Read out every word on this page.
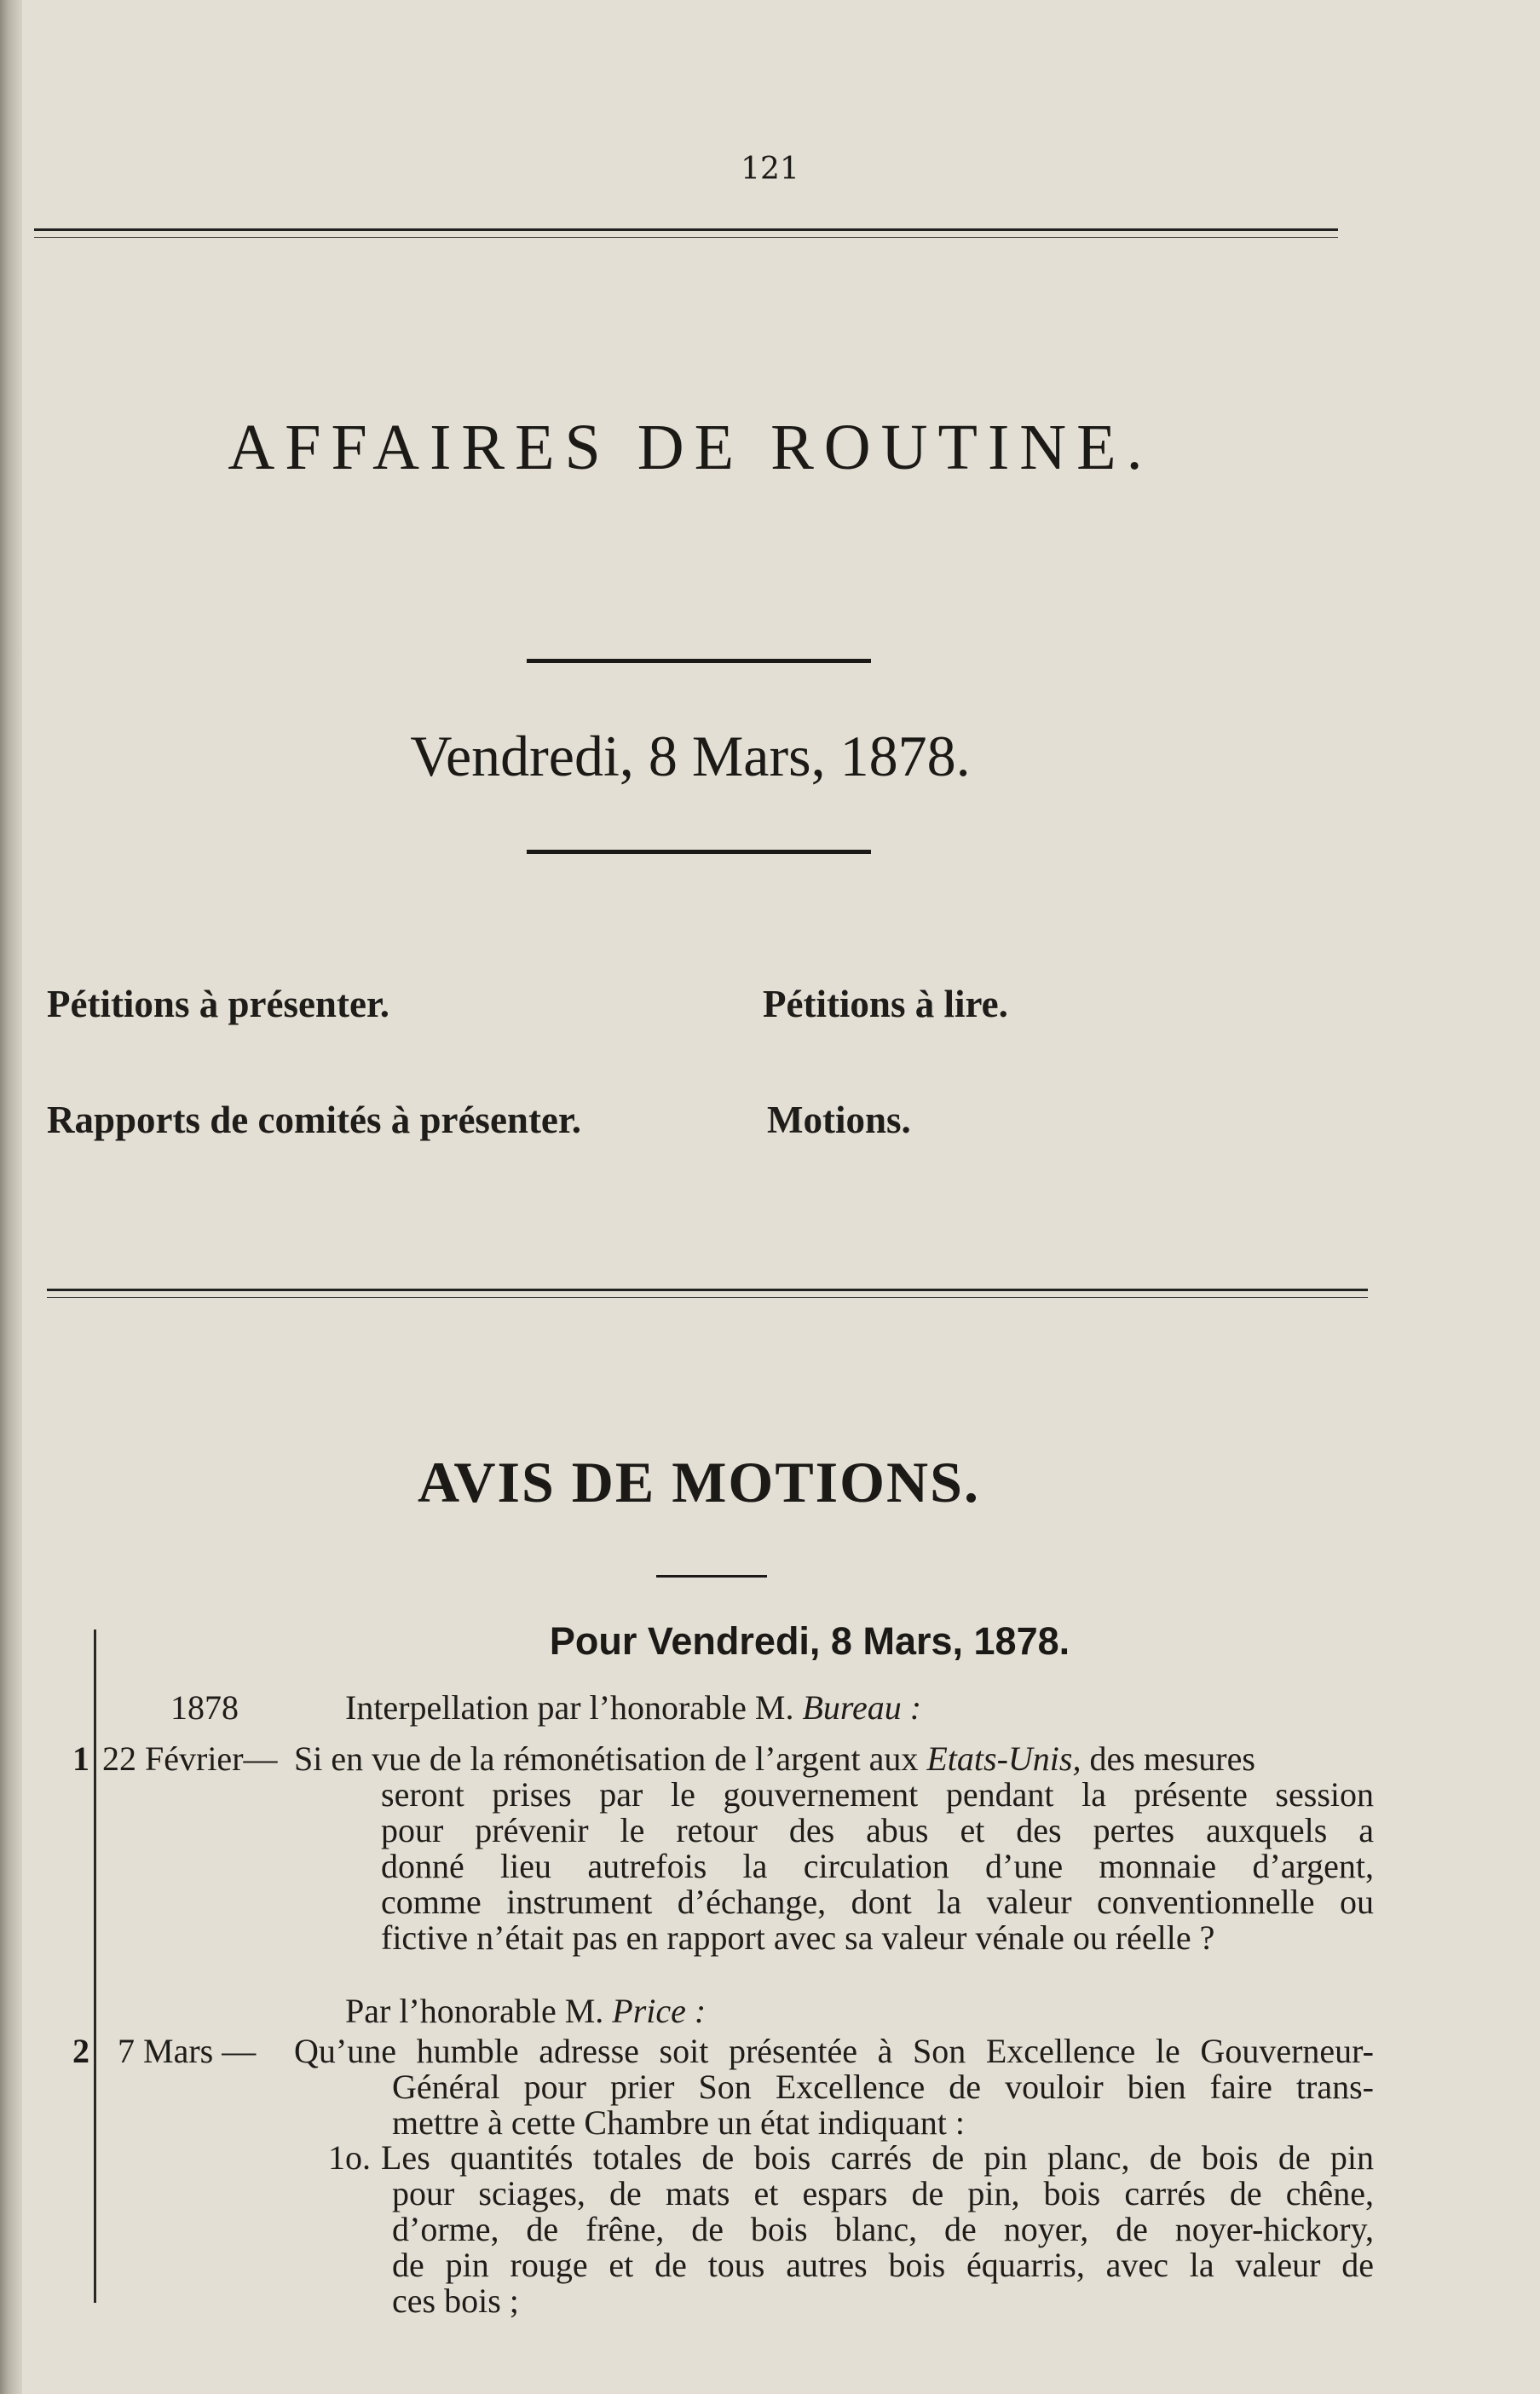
121
AFFAIRES DE ROUTINE.
Vendredi, 8 Mars, 1878.
Pétitions à présenter.	Pétitions à lire.
Rapports de comités à présenter.	Motions.
AVIS DE MOTIONS.
Pour Vendredi, 8 Mars, 1878.
1878	Interpellation par l’honorable M. Bureau :
1 22 Février— Si en vue de la rémonétisation de l’argent aux Etats-Unis, des mesures
seront prises par le gouvernement pendant la présente session
pour prévenir le retour des abus et des pertes auxquels a
donné lieu autrefois la circulation d’une monnaie d’argent,
comme instrument d’échange, dont la valeur conventionnelle ou
fictive n’était pas en rapport avec sa valeur vénale ou réelle ?
Par l’honorable M. Price :
2 7 Mars — Qu’une humble adresse soit présentée à Son Excellence le Gouverneur-
Général pour prier Son Excellence de vouloir bien faire trans-
mettre à cette Chambre un état indiquant :
1o. Les quantités totales de bois carrés de pin planc, de bois de pin
pour sciages, de mats et espars de pin, bois carrés de chêne,
d’orme, de frêne, de bois blanc, de noyer, de noyer-hickory,
de pin rouge et de tous autres bois équarris, avec la valeur de
ces bois ;
